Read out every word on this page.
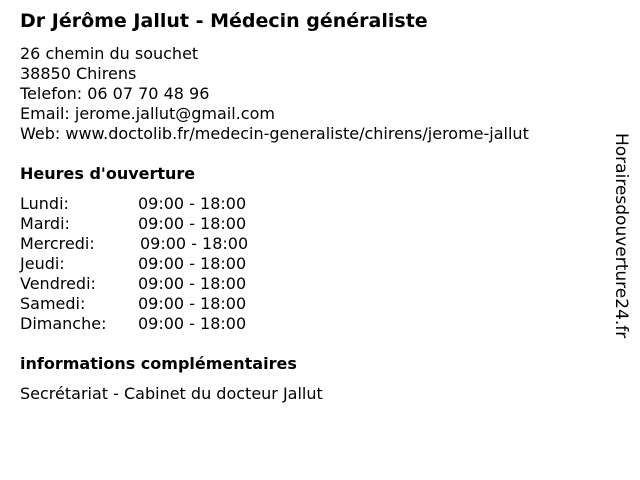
Dr Jérôme Jallut - Médecin généraliste
26 chemin du souchet
38850 Chirens
Telefon: 06 07 70 48 96
Email: jerome.jallut@gmail.com
Web: www.doctolib.fr/medecin-generaliste/chirens/jerome-jallut
Heures d'ouverture
Lundi:	09:00 - 18:00
Mardi:	09:00 - 18:00
Mercredi:	09:00 - 18:00
Jeudi:	09:00 - 18:00
Vendredi:	09:00 - 18:00
Samedi:	09:00 - 18:00
Dimanche: 09:00 - 18:00
informations complémentaires
Secrétariat - Cabinet du docteur Jallut
Horairesdouverture24.fr
